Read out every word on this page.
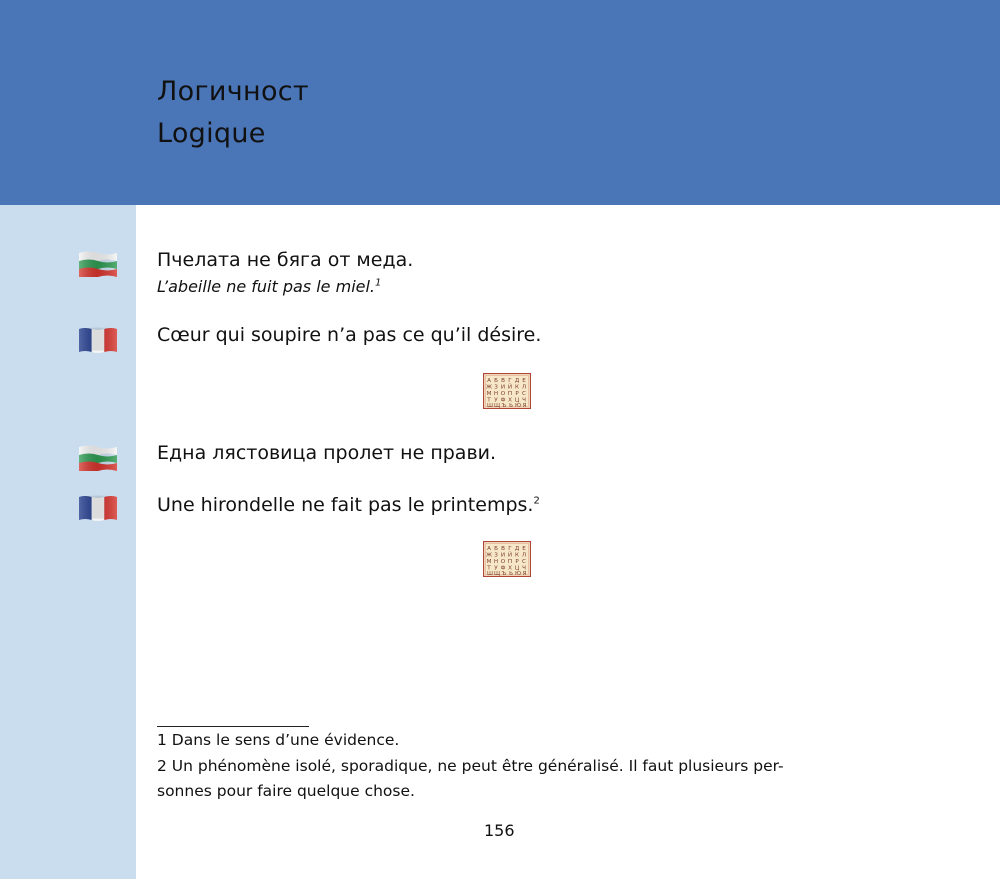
Логичност
Logique
Пчелата не бяга от меда.
L’abeille ne fuit pas le miel.$^1$
Cœur qui soupire n’a pas ce qu’il désire.
А Б В Г Д Е
Ж З И Й К Л
М Н О П Р С
Т У Ф Х Ц Ч
Ш Щ Ъ Ь Ю Я
Една лястовица пролет не прави.
Une hirondelle ne fait pas le printemps.$^2$
А Б В Г Д Е
Ж З И Й К Л
М Н О П Р С
Т У Ф Х Ц Ч
Ш Щ Ъ Ь Ю Я
1 Dans le sens d’une évidence.
2 Un phénomène isolé, sporadique, ne peut être généralisé. Il faut plusieurs per-
sonnes pour faire quelque chose.
156
